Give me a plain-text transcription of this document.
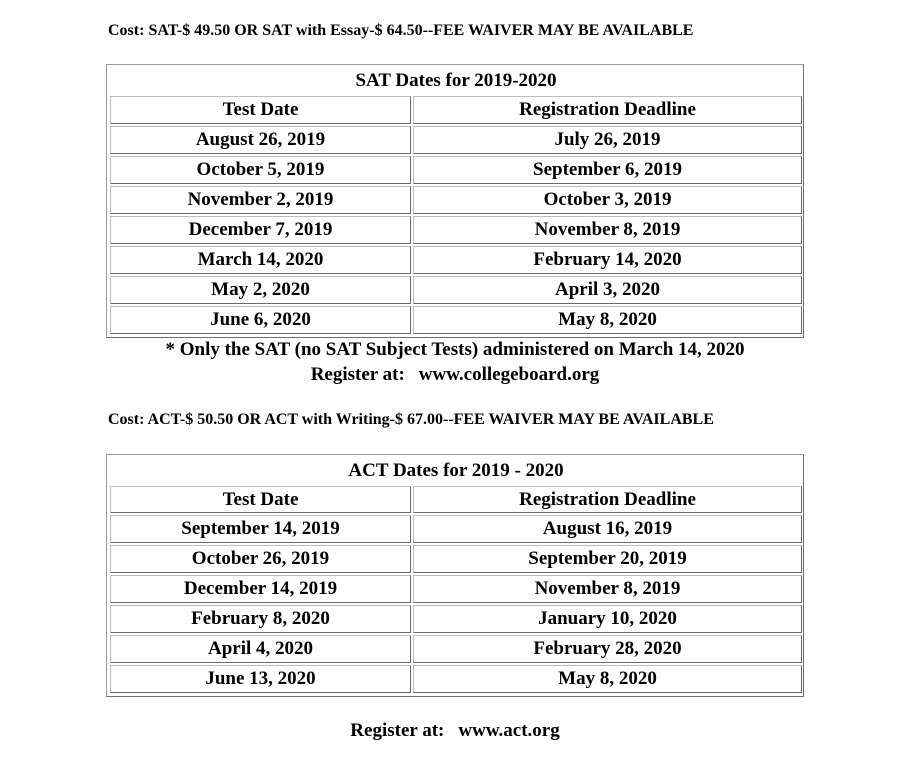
Cost: SAT-$ 49.50 OR SAT with Essay-$ 64.50--FEE WAIVER MAY BE AVAILABLE
SAT Dates for 2019-2020	
Test Date	Registration Deadline
August 26, 2019	July 26, 2019
October 5, 2019	September 6, 2019
November 2, 2019	October 3, 2019
December 7, 2019	November 8, 2019
March 14, 2020	February 14, 2020
May 2, 2020	April 3, 2020
June 6, 2020	May 8, 2020
* Only the SAT (no SAT Subject Tests) administered on March 14, 2020
Register at: www.collegeboard.org
Cost: ACT-$ 50.50 OR ACT with Writing-$ 67.00--FEE WAIVER MAY BE AVAILABLE
ACT Dates for 2019 - 2020	
Test Date	Registration Deadline
September 14, 2019	August 16, 2019
October 26, 2019	September 20, 2019
December 14, 2019	November 8, 2019
February 8, 2020	January 10, 2020
April 4, 2020	February 28, 2020
June 13, 2020	May 8, 2020
Register at: www.act.org
